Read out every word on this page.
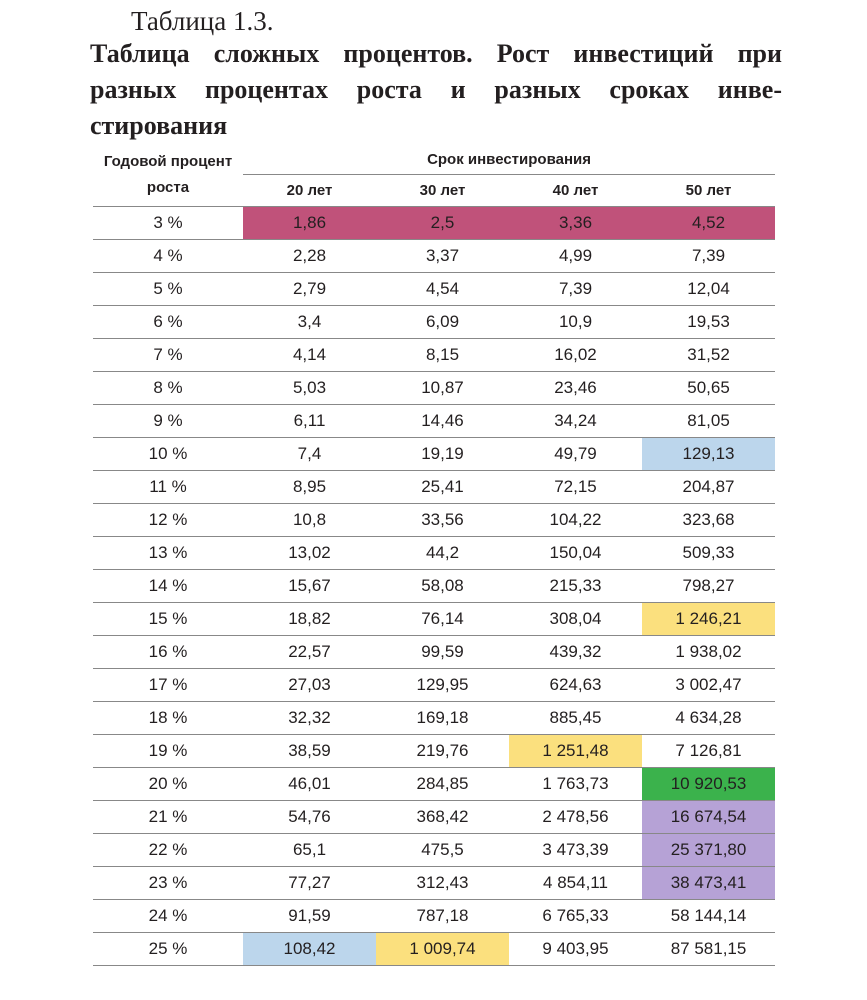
Таблица 1.3.
Таблица сложных процентов. Рост инвестиций при разных процентах роста и разных сроках инвестирования
Годовой процент роста	Срок инвестирования			
	20 лет	30 лет	40 лет	50 лет
3 %	1,86	2,5	3,36	4,52

4 %	2,28	3,37	4,99	7,39

5 %	2,79	4,54	7,39	12,04

6 %	3,4	6,09	10,9	19,53

7 %	4,14	8,15	16,02	31,52

8 %	5,03	10,87	23,46	50,65

9 %	6,11	14,46	34,24	81,05

10 %	7,4	19,19	49,79	129,13

11 %	8,95	25,41	72,15	204,87

12 %	10,8	33,56	104,22	323,68

13 %	13,02	44,2	150,04	509,33

14 %	15,67	58,08	215,33	798,27

15 %	18,82	76,14	308,04	1 246,21

16 %	22,57	99,59	439,32	1 938,02

17 %	27,03	129,95	624,63	3 002,47

18 %	32,32	169,18	885,45	4 634,28

19 %	38,59	219,76	1 251,48	7 126,81

20 %	46,01	284,85	1 763,73	10 920,53

21 %	54,76	368,42	2 478,56	16 674,54

22 %	65,1	475,5	3 473,39	25 371,80

23 %	77,27	312,43	4 854,11	38 473,41

24 %	91,59	787,18	6 765,33	58 144,14

25 %	108,42	1 009,74	9 403,95	87 581,15
